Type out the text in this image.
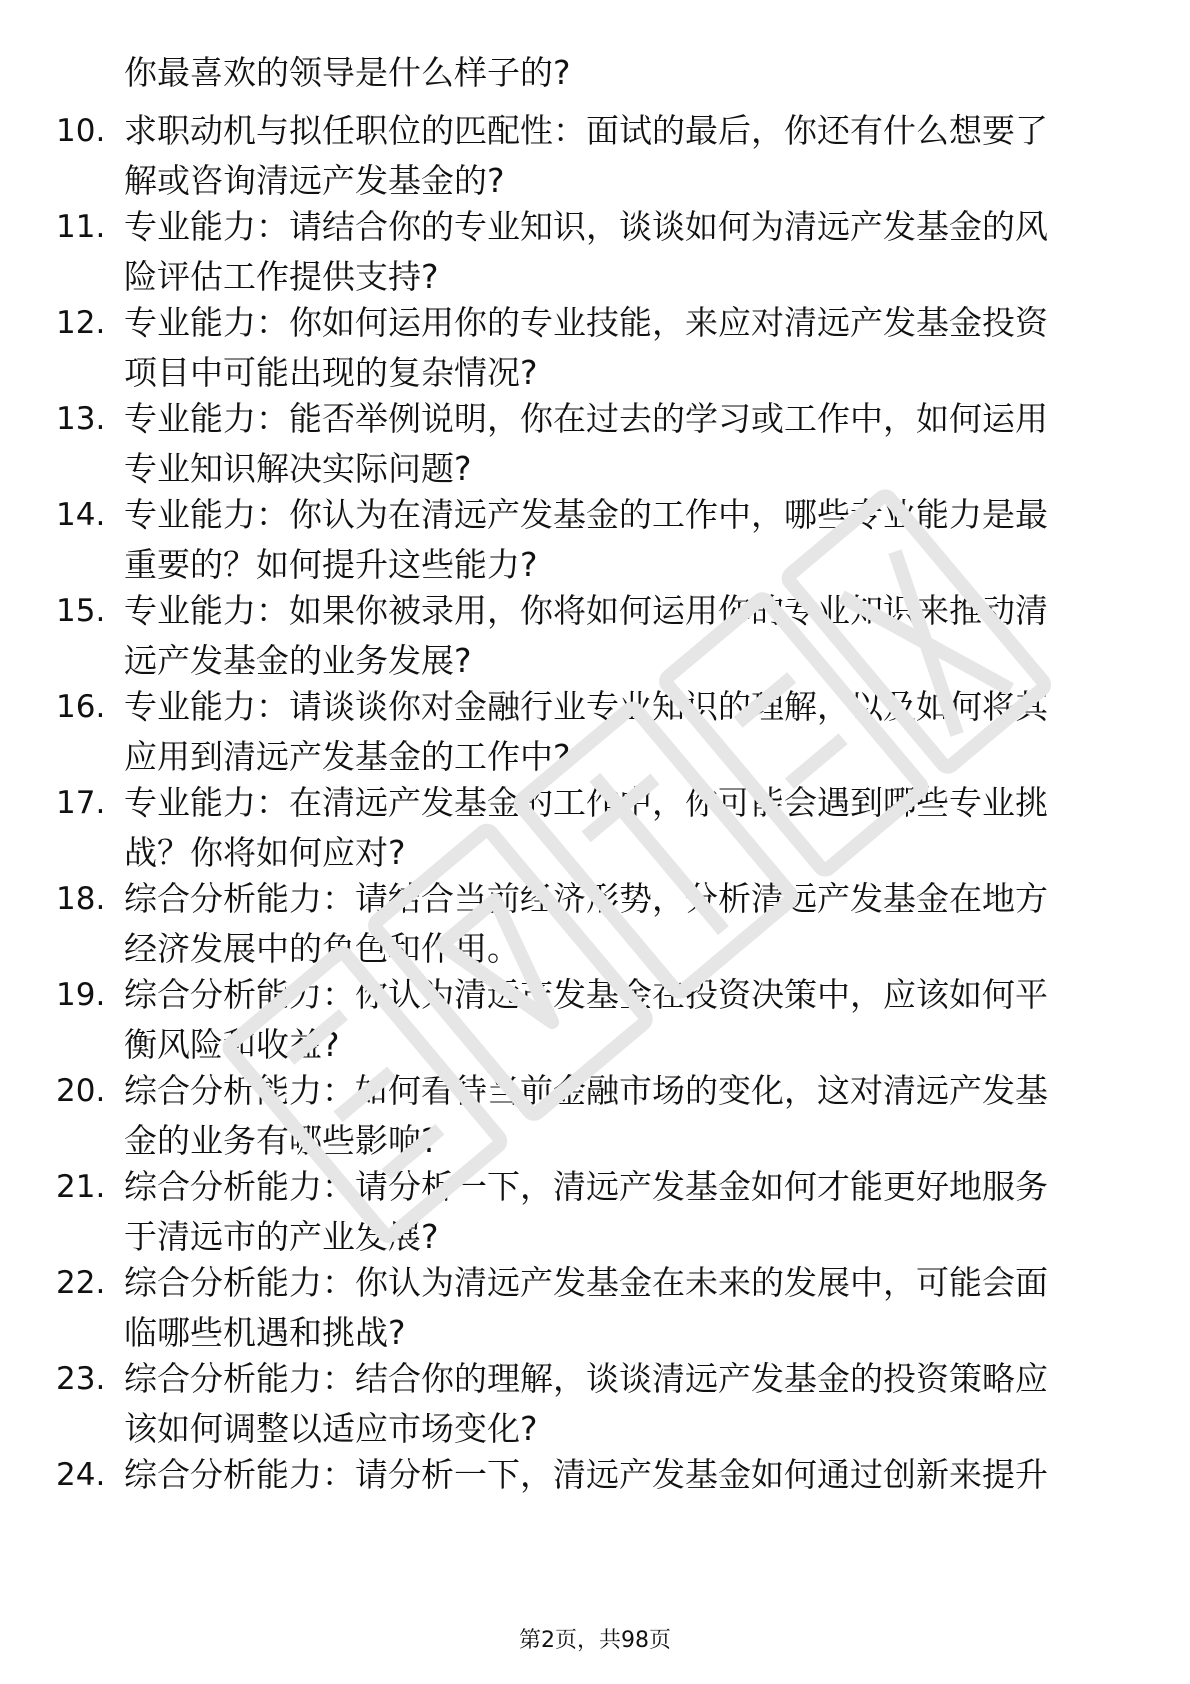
你最喜欢的领导是什么样子的?
10. 求职动机与拟任职位的匹配性：面试的最后，你还有什么想要了
解或咨询清远产发基金的?
11. 专业能力：请结合你的专业知识，谈谈如何为清远产发基金的风
险评估工作提供支持?
12. 专业能力：你如何运用你的专业技能，来应对清远产发基金投资
项目中可能出现的复杂情况?
13. 专业能力：能否举例说明，你在过去的学习或工作中，如何运用
专业知识解决实际问题?
14. 专业能力：你认为在清远产发基金的工作中，哪些专业能力是最
重要的？如何提升这些能力?
15. 专业能力：如果你被录用，你将如何运用你的专业知识来推动清
远产发基金的业务发展?
16. 专业能力：请谈谈你对金融行业专业知识的理解，以及如何将其
应用到清远产发基金的工作中?
17. 专业能力：在清远产发基金的工作中，你可能会遇到哪些专业挑
战？你将如何应对?
18. 综合分析能力：请结合当前经济形势，分析清远产发基金在地方
经济发展中的角色和作用。
19. 综合分析能力：你认为清远产发基金在投资决策中，应该如何平
衡风险和收益?
20. 综合分析能力：如何看待当前金融市场的变化，这对清远产发基
金的业务有哪些影响?
21. 综合分析能力：请分析一下，清远产发基金如何才能更好地服务
于清远市的产业发展?
22. 综合分析能力：你认为清远产发基金在未来的发展中，可能会面
临哪些机遇和挑战?
23. 综合分析能力：结合你的理解，谈谈清远产发基金的投资策略应
该如何调整以适应市场变化?
24. 综合分析能力：请分析一下，清远产发基金如何通过创新来提升
第2页，共98页
